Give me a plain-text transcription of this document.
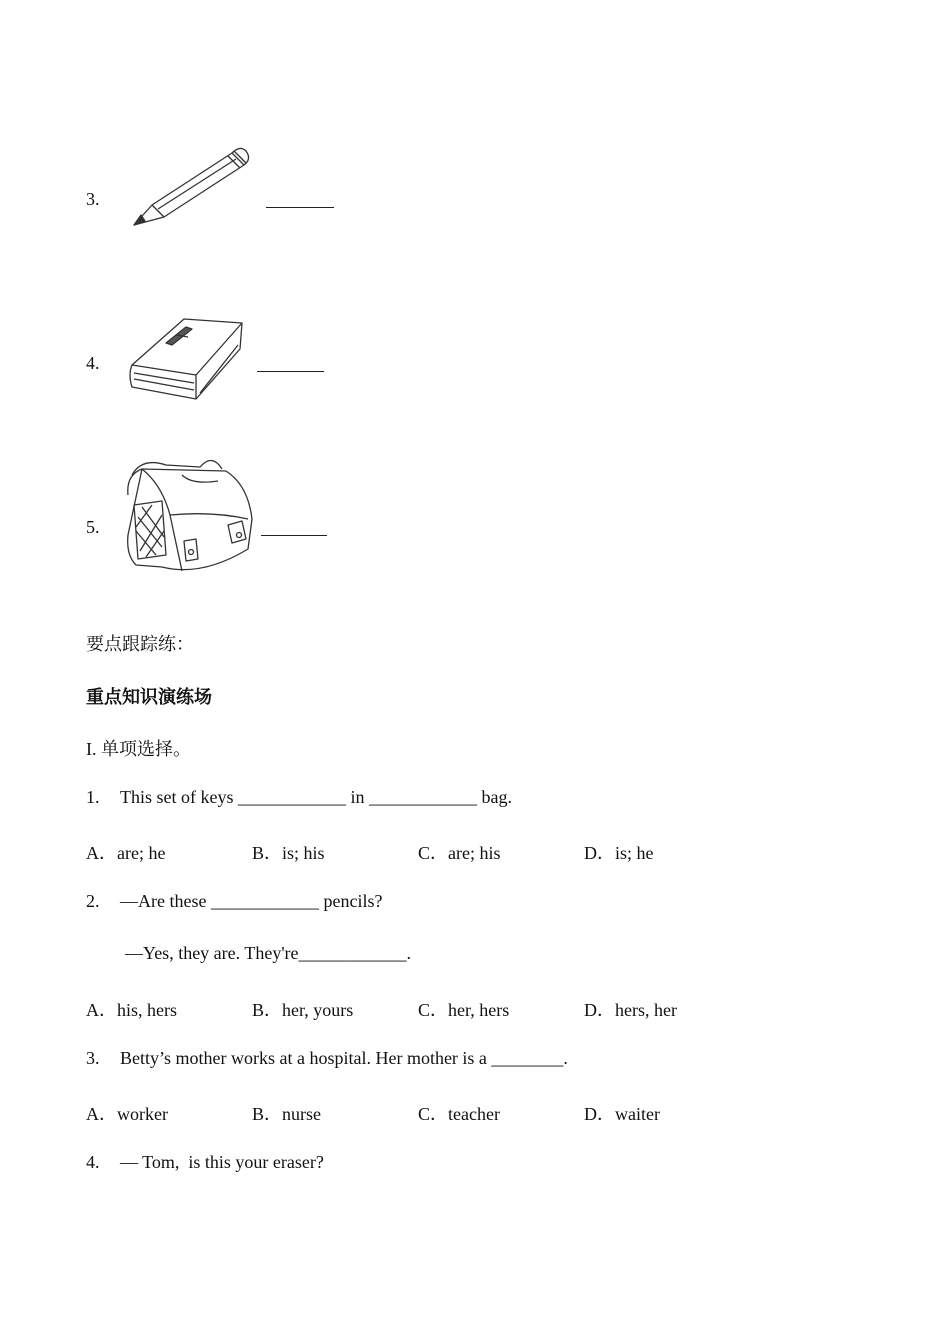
3.
4.
5.
要点跟踪练：
重点知识演练场
I. 单项选择。
1. This set of keys ____________ in ____________ bag.
A．are; he	B．is; his	C．are; his	D．is; he
2. —Are these ____________ pencils?
—Yes, they are. They're____________.
A．his, hers	B．her, yours	C．her, hers	D．hers, her
3. Betty’s mother works at a hospital. Her mother is a ________.
A．worker	B．nurse	C．teacher	D．waiter
4. — Tom,  is this your eraser?
